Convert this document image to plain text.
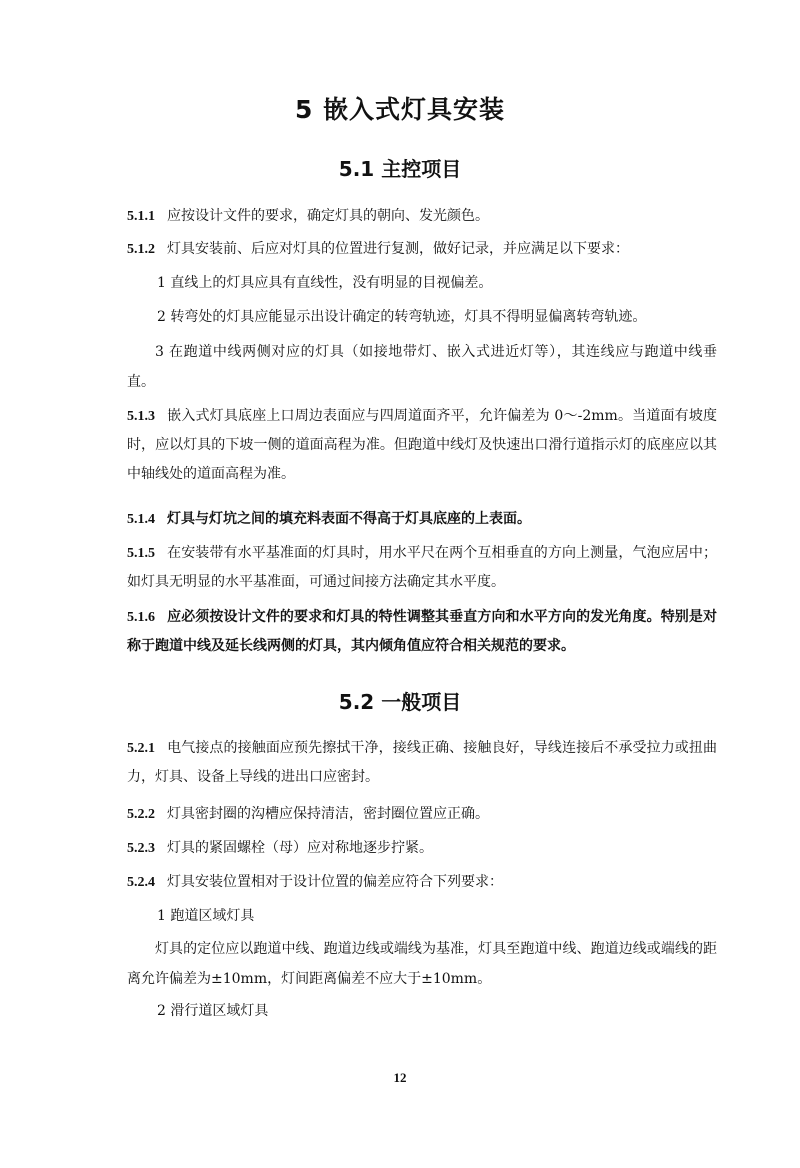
5 嵌入式灯具安装
5.1 主控项目
5.1.1 应按设计文件的要求，确定灯具的朝向、发光颜色。
5.1.2 灯具安装前、后应对灯具的位置进行复测，做好记录，并应满足以下要求：
1 直线上的灯具应具有直线性，没有明显的目视偏差。
2 转弯处的灯具应能显示出设计确定的转弯轨迹，灯具不得明显偏离转弯轨迹。
3 在跑道中线两侧对应的灯具（如接地带灯、嵌入式进近灯等），其连线应与跑道中线垂直。
5.1.3 嵌入式灯具底座上口周边表面应与四周道面齐平，允许偏差为 0～-2mm。当道面有坡度时，应以灯具的下坡一侧的道面高程为准。但跑道中线灯及快速出口滑行道指示灯的底座应以其中轴线处的道面高程为准。
5.1.4 灯具与灯坑之间的填充料表面不得高于灯具底座的上表面。
5.1.5 在安装带有水平基准面的灯具时，用水平尺在两个互相垂直的方向上测量，气泡应居中；如灯具无明显的水平基准面，可通过间接方法确定其水平度。
5.1.6 应必须按设计文件的要求和灯具的特性调整其垂直方向和水平方向的发光角度。特别是对称于跑道中线及延长线两侧的灯具，其内倾角值应符合相关规范的要求。
5.2 一般项目
5.2.1 电气接点的接触面应预先擦拭干净，接线正确、接触良好，导线连接后不承受拉力或扭曲力，灯具、设备上导线的进出口应密封。
5.2.2 灯具密封圈的沟槽应保持清洁，密封圈位置应正确。
5.2.3 灯具的紧固螺栓（母）应对称地逐步拧紧。
5.2.4 灯具安装位置相对于设计位置的偏差应符合下列要求：
1 跑道区域灯具
灯具的定位应以跑道中线、跑道边线或端线为基准，灯具至跑道中线、跑道边线或端线的距离允许偏差为±10mm，灯间距离偏差不应大于±10mm。
2 滑行道区域灯具
12
